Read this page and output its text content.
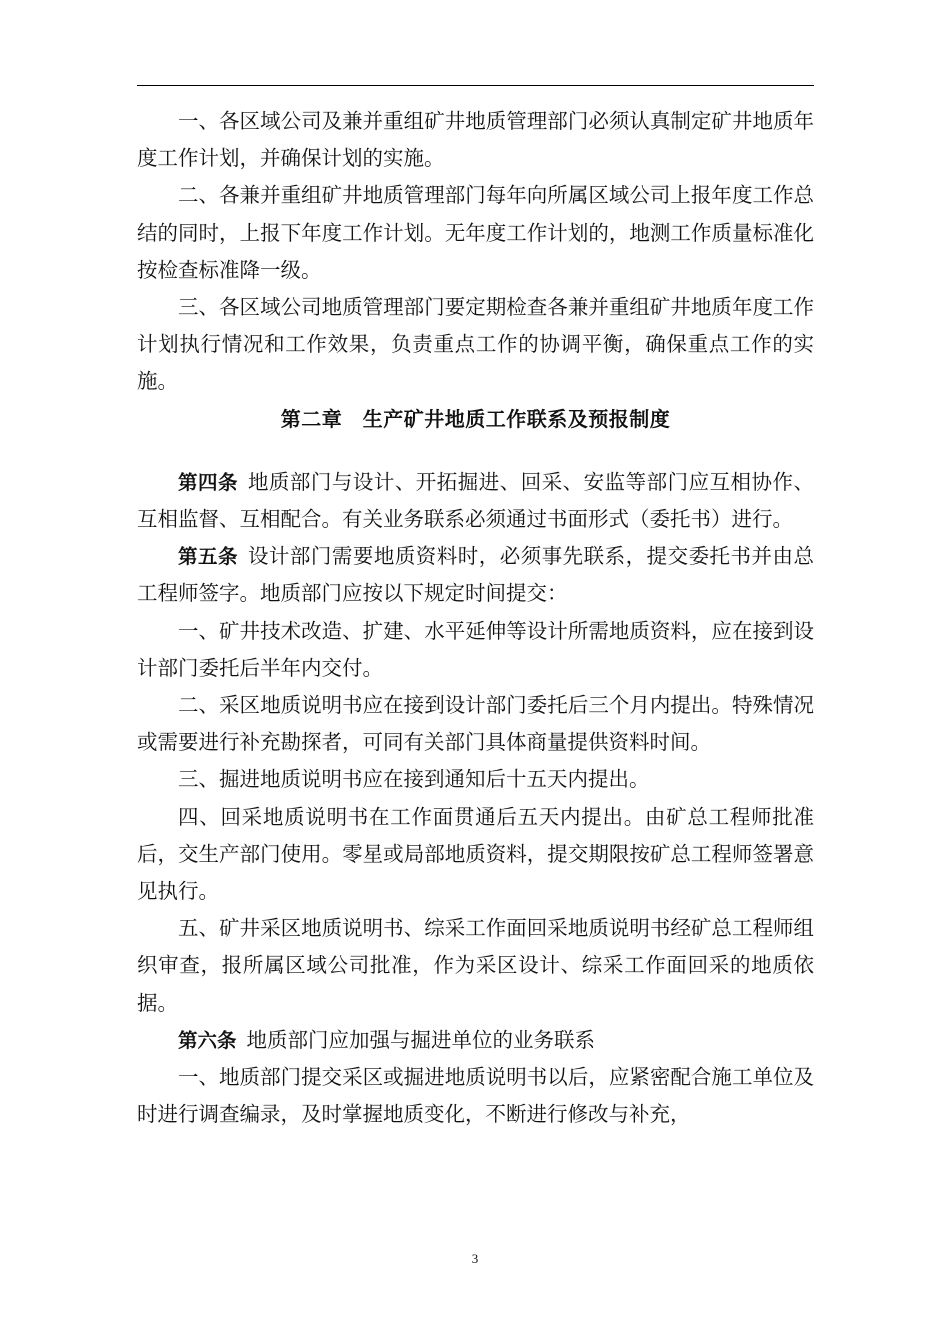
一、各区域公司及兼并重组矿井地质管理部门必须认真制定矿井地质年度工作计划，并确保计划的实施。

二、各兼并重组矿井地质管理部门每年向所属区域公司上报年度工作总结的同时，上报下年度工作计划。无年度工作计划的，地测工作质量标准化按检查标准降一级。

三、各区域公司地质管理部门要定期检查各兼并重组矿井地质年度工作计划执行情况和工作效果，负责重点工作的协调平衡，确保重点工作的实施。

第二章　生产矿井地质工作联系及预报制度

第四条 地质部门与设计、开拓掘进、回采、安监等部门应互相协作、互相监督、互相配合。有关业务联系必须通过书面形式（委托书）进行。

第五条 设计部门需要地质资料时，必须事先联系，提交委托书并由总工程师签字。地质部门应按以下规定时间提交：

一、矿井技术改造、扩建、水平延伸等设计所需地质资料，应在接到设计部门委托后半年内交付。

二、采区地质说明书应在接到设计部门委托后三个月内提出。特殊情况或需要进行补充勘探者，可同有关部门具体商量提供资料时间。

三、掘进地质说明书应在接到通知后十五天内提出。

四、回采地质说明书在工作面贯通后五天内提出。由矿总工程师批准后，交生产部门使用。零星或局部地质资料，提交期限按矿总工程师签署意见执行。

五、矿井采区地质说明书、综采工作面回采地质说明书经矿总工程师组织审查，报所属区域公司批准，作为采区设计、综采工作面回采的地质依据。

第六条 地质部门应加强与掘进单位的业务联系

一、地质部门提交采区或掘进地质说明书以后，应紧密配合施工单位及时进行调查编录，及时掌握地质变化，不断进行修改与补充，

3
